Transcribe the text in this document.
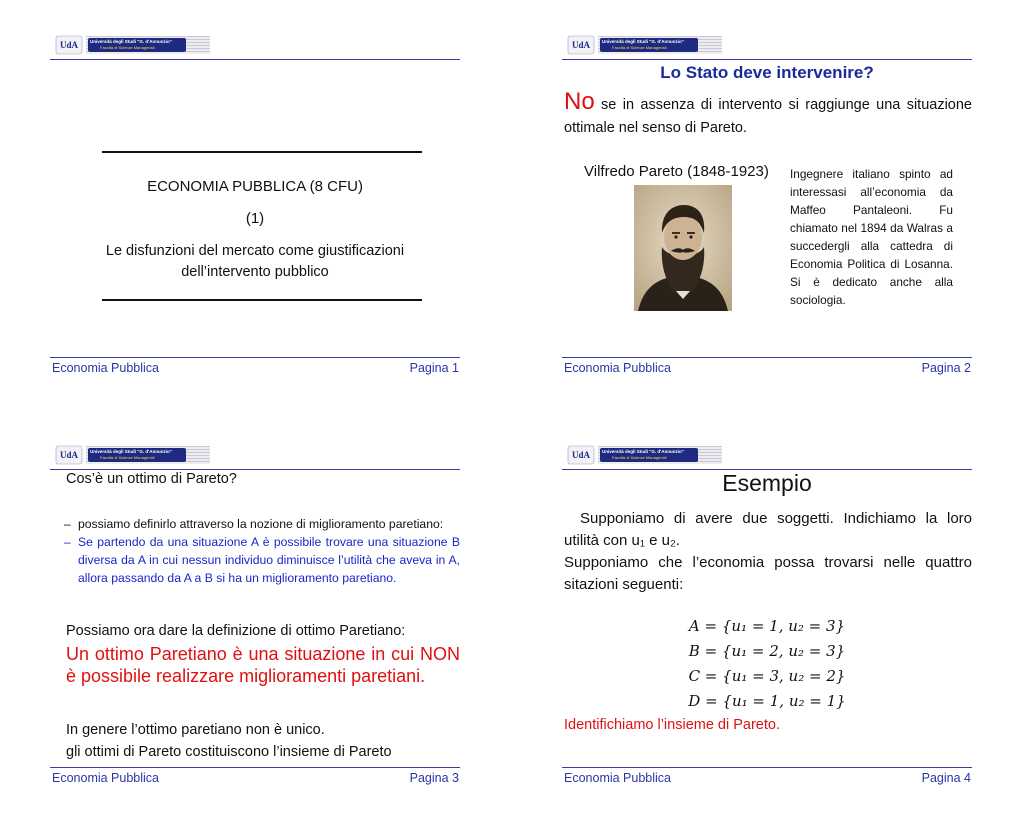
UdA	Università degli Studi "G. d'Annunzio"
Facoltà di Scienze Manageriali
ECONOMIA PUBBLICA (8 CFU)
(1)
Le disfunzioni del mercato come giustificazioni
dell’intervento pubblico
Economia Pubblica	Pagina 1
UdA	Università degli Studi "G. d'Annunzio"
Facoltà di Scienze Manageriali
Lo Stato deve intervenire?
No se in assenza di intervento si raggiunge una situazione ottimale nel senso di Pareto.
Vilfredo Pareto (1848-1923) Ingegnere italiano spinto ad interessasi all’economia da Maffeo Pantaleoni. Fu chiamato nel 1894 da Walras a succedergli alla cattedra di Economia Politica di Losanna. Si è dedicato anche alla sociologia.
Economia Pubblica	Pagina 2
UdA	Università degli Studi "G. d'Annunzio"
Facoltà di Scienze Manageriali
Cos’è un ottimo di Pareto?
– possiamo definirlo attraverso la nozione di miglioramento paretiano:
– Se partendo da una situazione A è possibile trovare una situazione B diversa da A in cui nessun individuo diminuisce l’utilità che aveva in A, allora passando da A a B si ha un miglioramento paretiano.
Possiamo ora dare la definizione di ottimo Paretiano:
Un ottimo Paretiano è una situazione in cui NON è possibile realizzare miglioramenti paretiani.
In genere l’ottimo paretiano non è unico.
gli ottimi di Pareto costituiscono l’insieme di Pareto
Economia Pubblica	Pagina 3
UdA	Università degli Studi "G. d'Annunzio"
Facoltà di Scienze Manageriali
Esempio
Supponiamo di avere due soggetti. Indichiamo la loro utilità con u₁ e u₂.
Supponiamo che l’economia possa trovarsi nelle quattro sitazioni seguenti:
A = {u₁ = 1, u₂ = 3}
B = {u₁ = 2, u₂ = 3}
C = {u₁ = 3, u₂ = 2}
D = {u₁ = 1, u₂ = 1}
Identifichiamo l’insieme di Pareto.
Economia Pubblica	Pagina 4
